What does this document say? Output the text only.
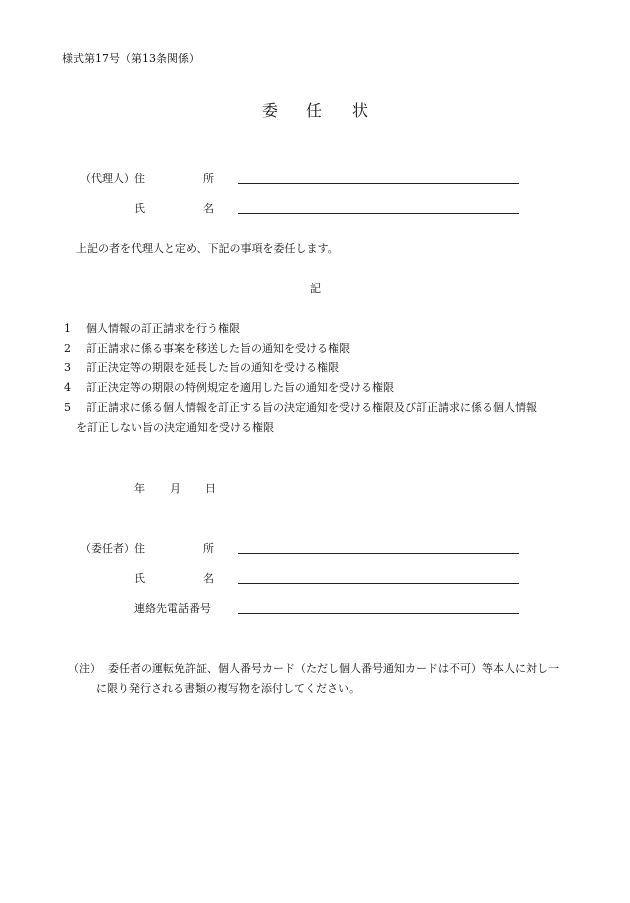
様式第17号（第13条関係）
委 任 状
（代理人） 住	所
氏	名
上記の者を代理人と定め、下記の事項を委任します。
記
1 個人情報の訂正請求を行う権限
2 訂正請求に係る事案を移送した旨の通知を受ける権限
3 訂正決定等の期限を延長した旨の通知を受ける権限
4 訂正決定等の期限の特例規定を適用した旨の通知を受ける権限
5 訂正請求に係る個人情報を訂正する旨の決定通知を受ける権限及び訂正請求に係る個人情報
を訂正しない旨の決定通知を受ける権限
年 月 日
（委任者） 住	所
氏	名
連絡先電話番号
（注） 委任者の運転免許証、個人番号カード（ただし個人番号通知カードは不可）等本人に対し一
に限り発行される書類の複写物を添付してください。
